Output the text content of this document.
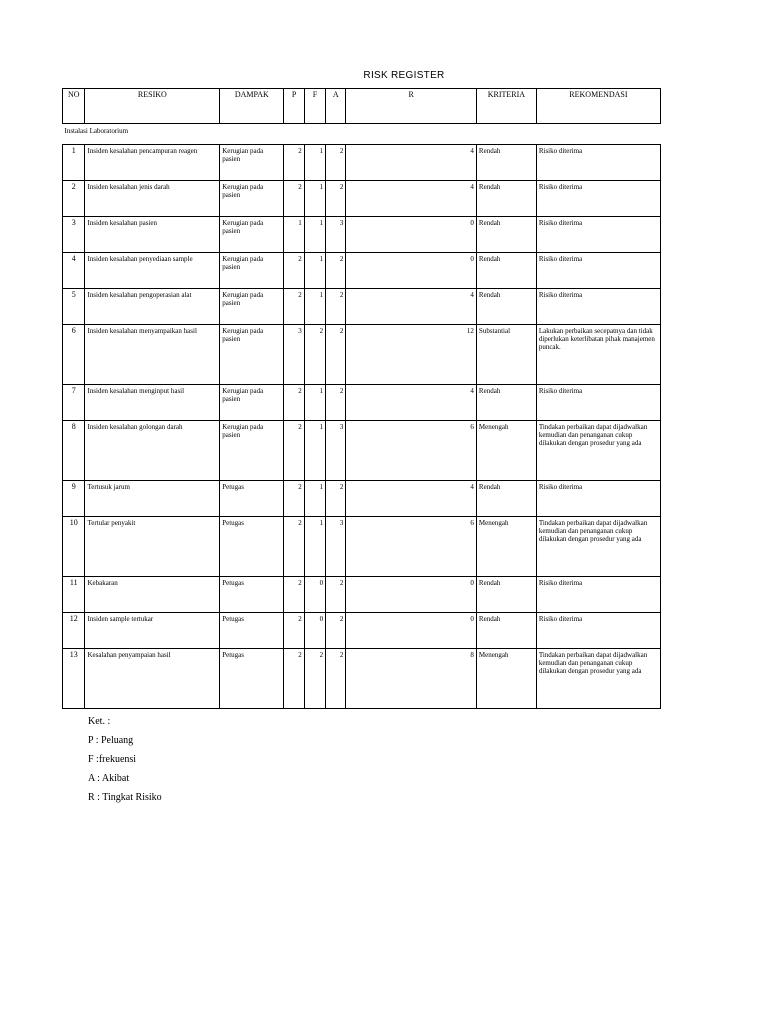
RISK REGISTER
NO	RESIKO	DAMPAK	P	F	A	R	KRITERIA	REKOMENDASI
Instalasi Laboratorium								
1	Insiden kesalahan pencampuran reagen	Kerugian pada pasien	2	1	2	4	Rendah	Risiko diterima
2	Insiden kesalahan jenis darah	Kerugian pada pasien	2	1	2	4	Rendah	Risiko diterima
3	Insiden kesalahan pasien	Kerugian pada pasien	1	1	3	0	Rendah	Risiko diterima
4	Insiden kesalahan penyediaan sample	Kerugian pada pasien	2	1	2	0	Rendah	Risiko diterima
5	Insiden kesalahan pengoperasian alat	Kerugian pada pasien	2	1	2	4	Rendah	Risiko diterima
6	Insiden kesalahan menyampaikan hasil	Kerugian pada pasien	3	2	2	12	Substantial	Lakukan perbaikan secepatnya dan tidak diperlukan keterlibatan pihak manajemen puncak.
7	Insiden kesalahan menginput hasil	Kerugian pada pasien	2	1	2	4	Rendah	Risiko diterima
8	Insiden kesalahan golongan darah	Kerugian pada pasien	2	1	3	6	Menengah	Tindakan perbaikan dapat dijadwalkan kemudian dan penanganan cukup dilakukan dengan prosedur yang ada
9	Tertusuk jarum	Petugas	2	1	2	4	Rendah	Risiko diterima
10	Tertular penyakit	Petugas	2	1	3	6	Menengah	Tindakan perbaikan dapat dijadwalkan kemudian dan penanganan cukup dilakukan dengan prosedur yang ada
11	Kebakaran	Petugas	2	0	2	0	Rendah	Risiko diterima
12	Insiden sample tertukar	Petugas	2	0	2	0	Rendah	Risiko diterima
13	Kesalahan penyampaian hasil	Petugas	2	2	2	8	Menengah	Tindakan perbaikan dapat dijadwalkan kemudian dan penanganan cukup dilakukan dengan prosedur yang ada
Ket. :
P : Peluang
F :frekuensi
A : Akibat
R : Tingkat Risiko
